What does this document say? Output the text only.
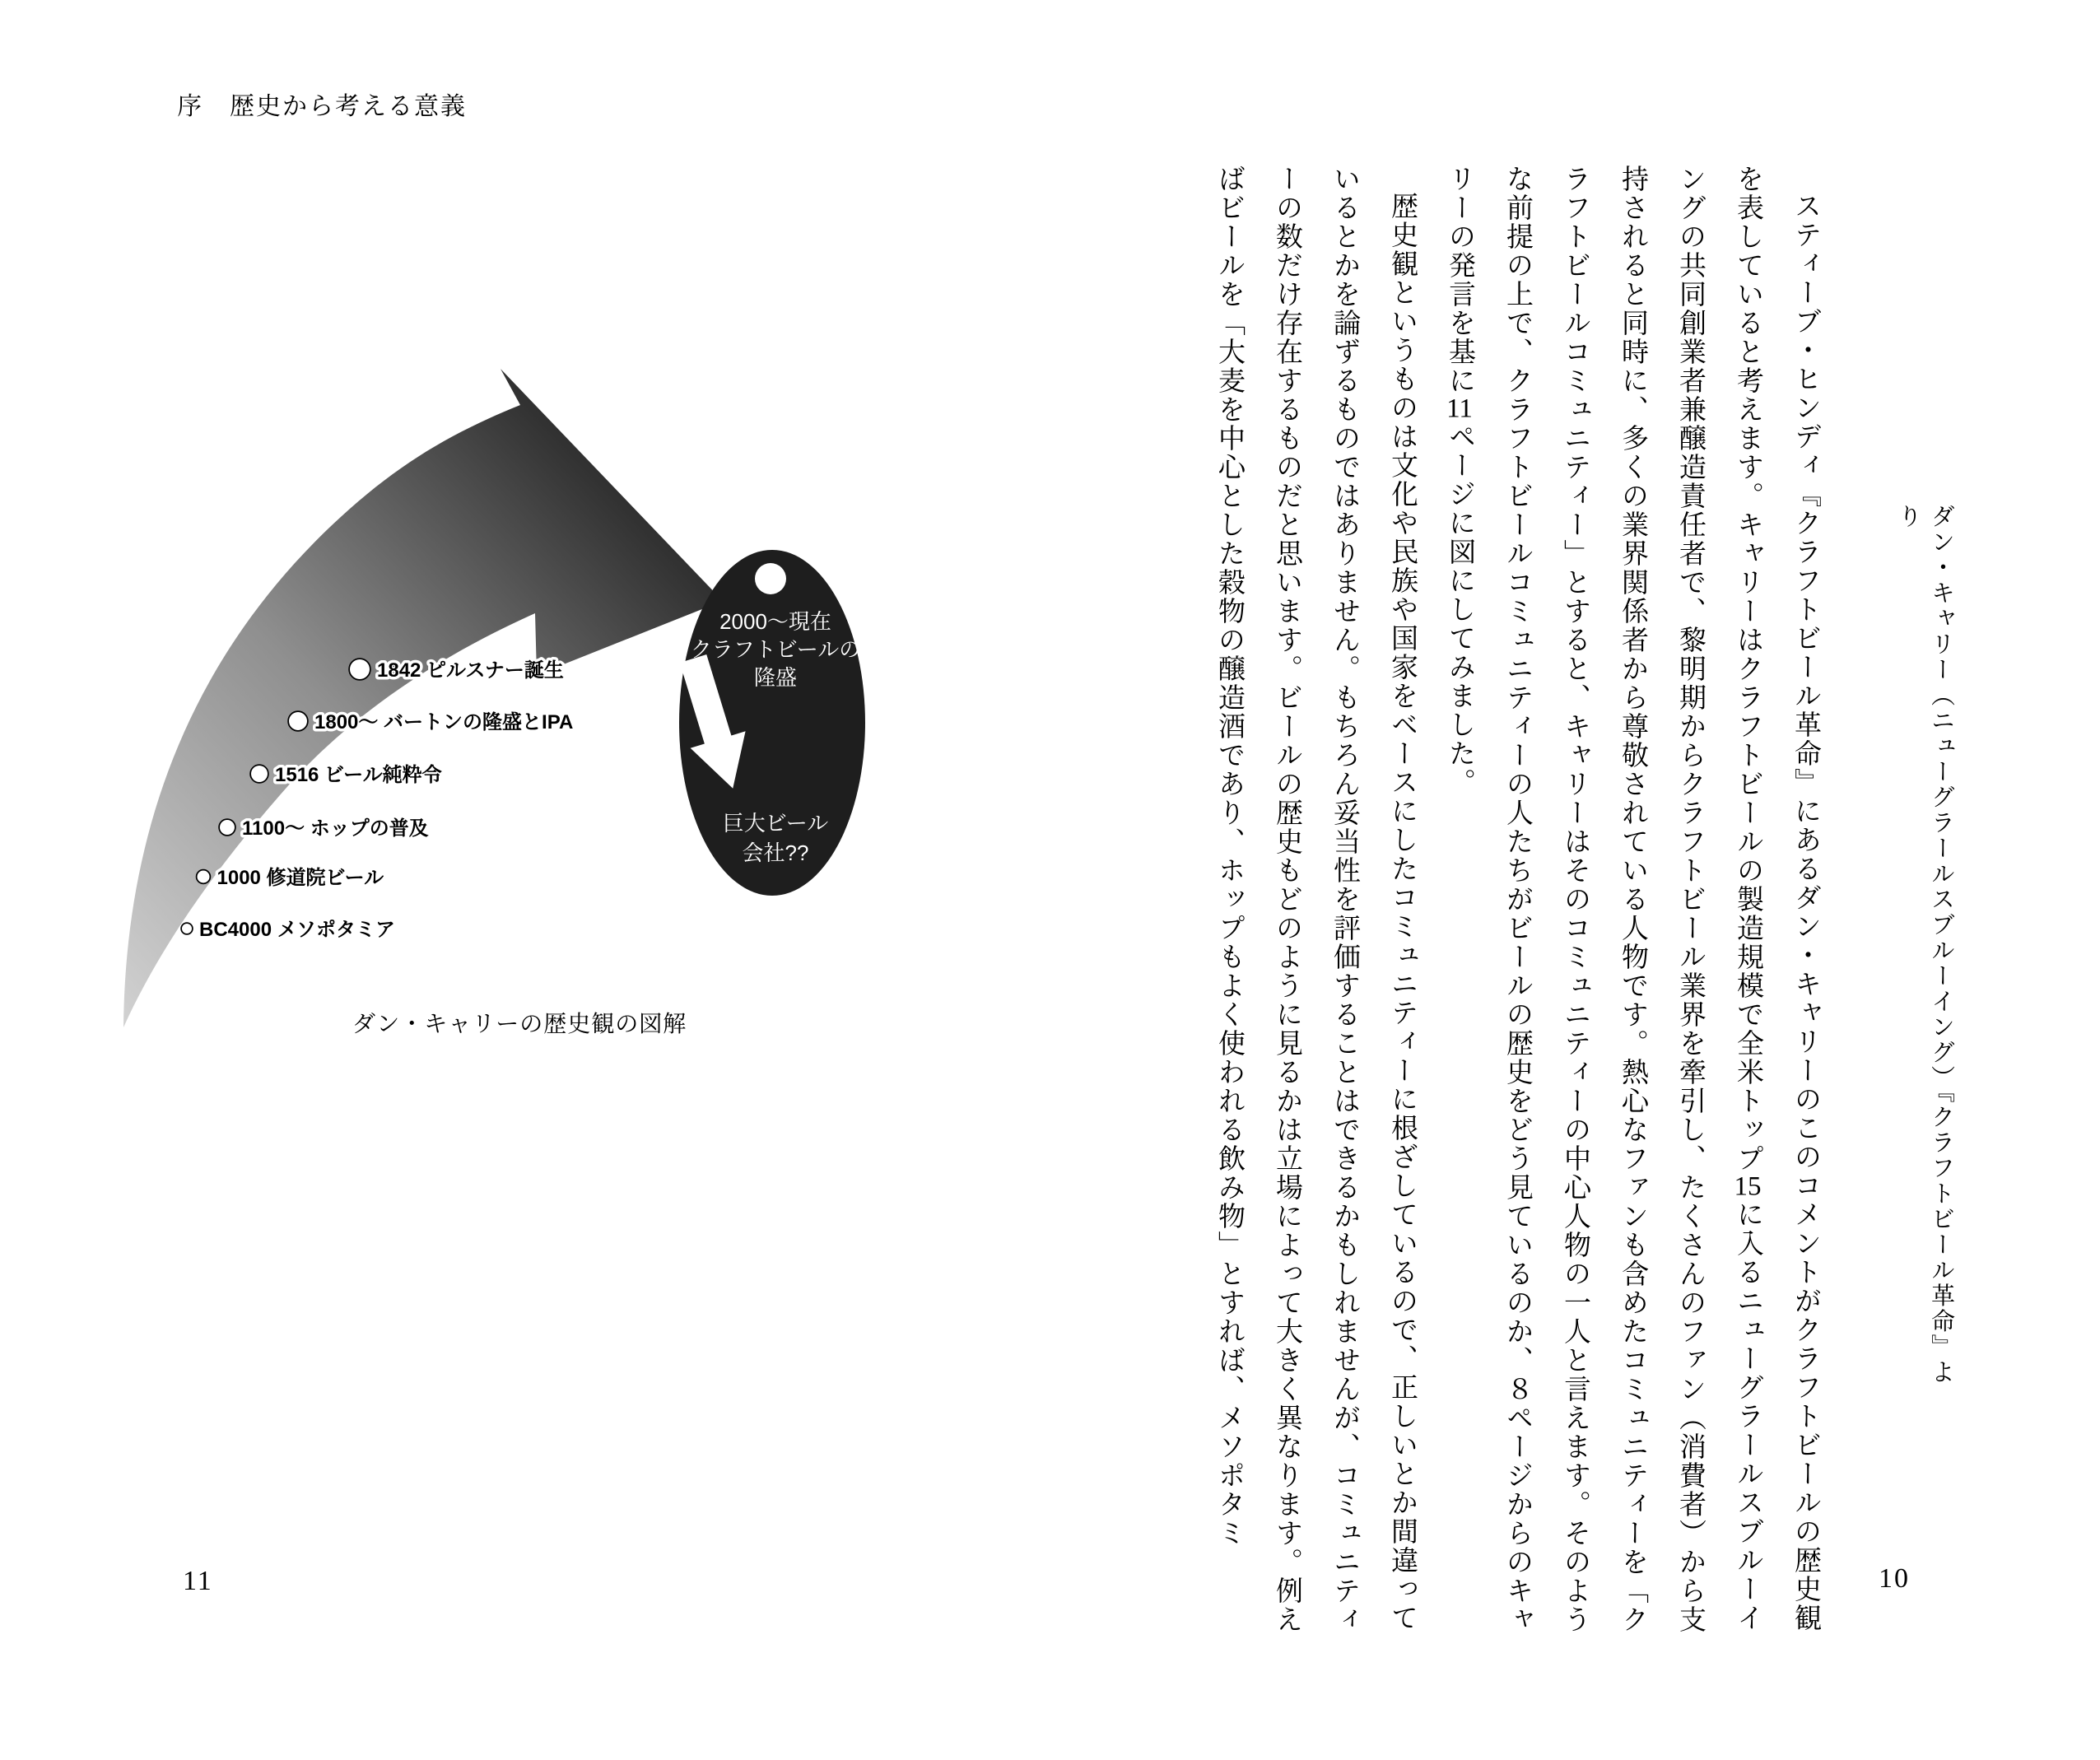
序　歴史から考える意義
1842 ピルスナー誕生
1800〜 バートンの隆盛とIPA
1516 ビール純粋令
1100〜 ホップの普及
1000 修道院ビール
BC4000 メソポタミア
2000〜現在
クラフトビールの
隆盛
巨大ビール
会社??
ダン・キャリーの歴史観の図解
11
ダン・キャリー（ニューグラールスブルーイング）『クラフトビール革命』より

スティーブ・ヒンディ『クラフトビール革命』にあるダン・キャリーのこのコメントがクラフトビールの歴史観を表していると考えます。キャリーはクラフトビールの製造規模で全米トップ15に入るニューグラールスブルーイングの共同創業者兼醸造責任者で、黎明期からクラフトビール業界を牽引し、たくさんのファン（消費者）から支持されると同時に、多くの業界関係者から尊敬されている人物です。熱心なファンも含めたコミュニティーを「クラフトビールコミュニティー」とすると、キャリーはそのコミュニティーの中心人物の一人と言えます。そのような前提の上で、クラフトビールコミュニティーの人たちがビールの歴史をどう見ているのか、８ページからのキャリーの発言を基に11ページに図にしてみました。

歴史観というものは文化や民族や国家をベースにしたコミュニティーに根ざしているので、正しいとか間違っているとかを論ずるものではありません。もちろん妥当性を評価することはできるかもしれませんが、コミュニティーの数だけ存在するものだと思います。ビールの歴史もどのように見るかは立場によって大きく異なります。例えばビールを「大麦を中心とした穀物の醸造酒であり、ホップもよく使われる飲み物」とすれば、メソポタミ

10
